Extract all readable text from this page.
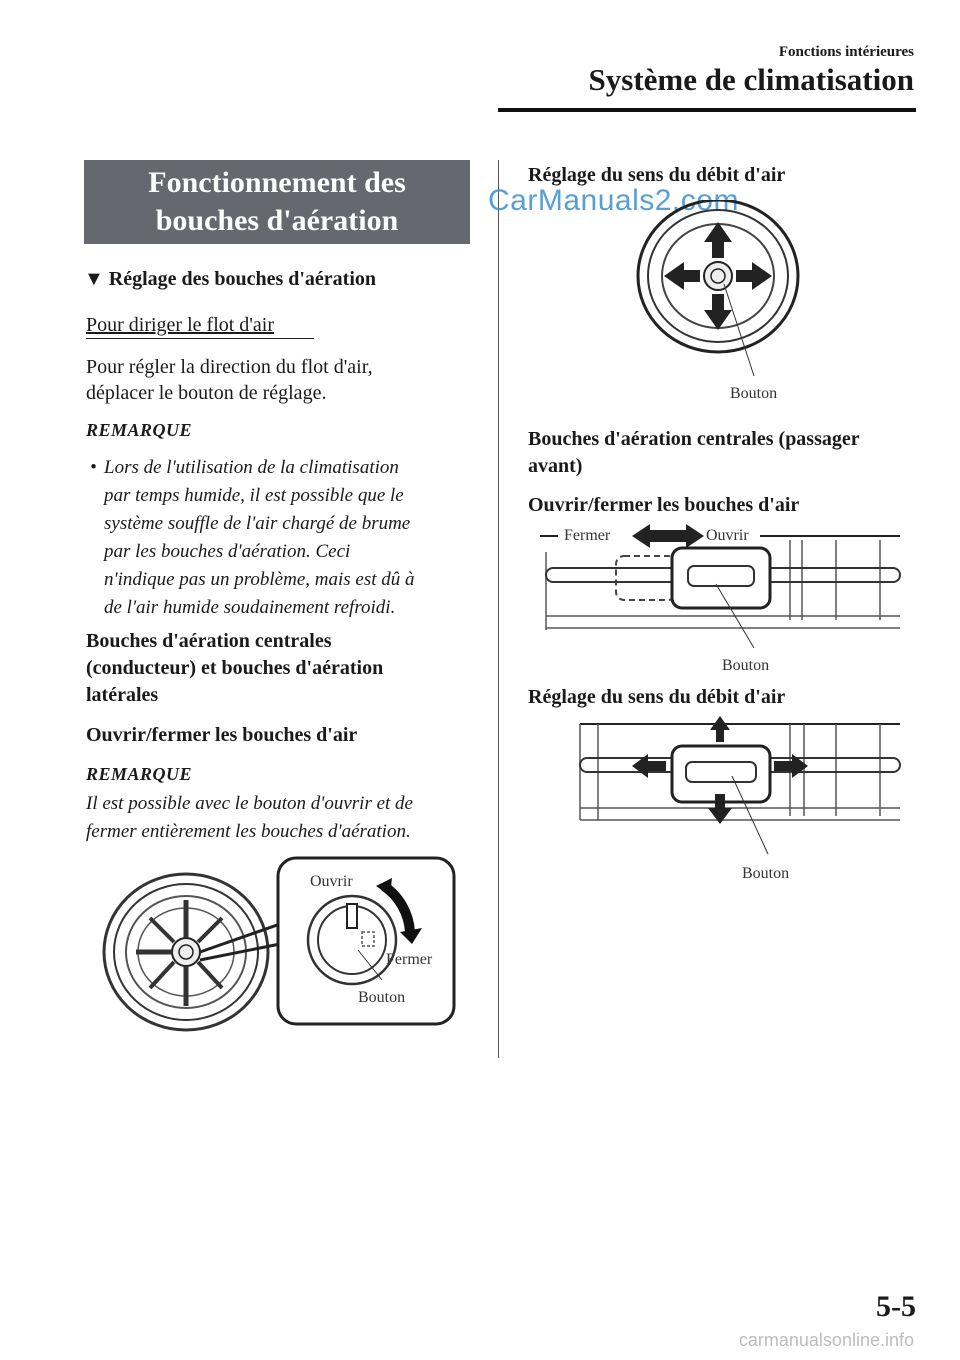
Fonctions intérieures
Système de climatisation
Fonctionnement des
bouches d'aération
▼ Réglage des bouches d'aération
Pour diriger le flot d'air
Pour régler la direction du flot d'air,
déplacer le bouton de réglage.
REMARQUE
• Lors de l'utilisation de la climatisation
par temps humide, il est possible que le
système souffle de l'air chargé de brume
par les bouches d'aération. Ceci
n'indique pas un problème, mais est dû à
de l'air humide soudainement refroidi.
Bouches d'aération centrales
(conducteur) et bouches d'aération
latérales
Ouvrir/fermer les bouches d'air
REMARQUE
Il est possible avec le bouton d'ouvrir et de
fermer entièrement les bouches d'aération.
Ouvrir
Fermer
Bouton
Réglage du sens du débit d'air
CarManuals2.com
Bouton
Bouches d'aération centrales (passager
avant)
Ouvrir/fermer les bouches d'air
Fermer	Ouvrir
Bouton
Réglage du sens du débit d'air
Bouton
5-5
carmanualsonline.info
